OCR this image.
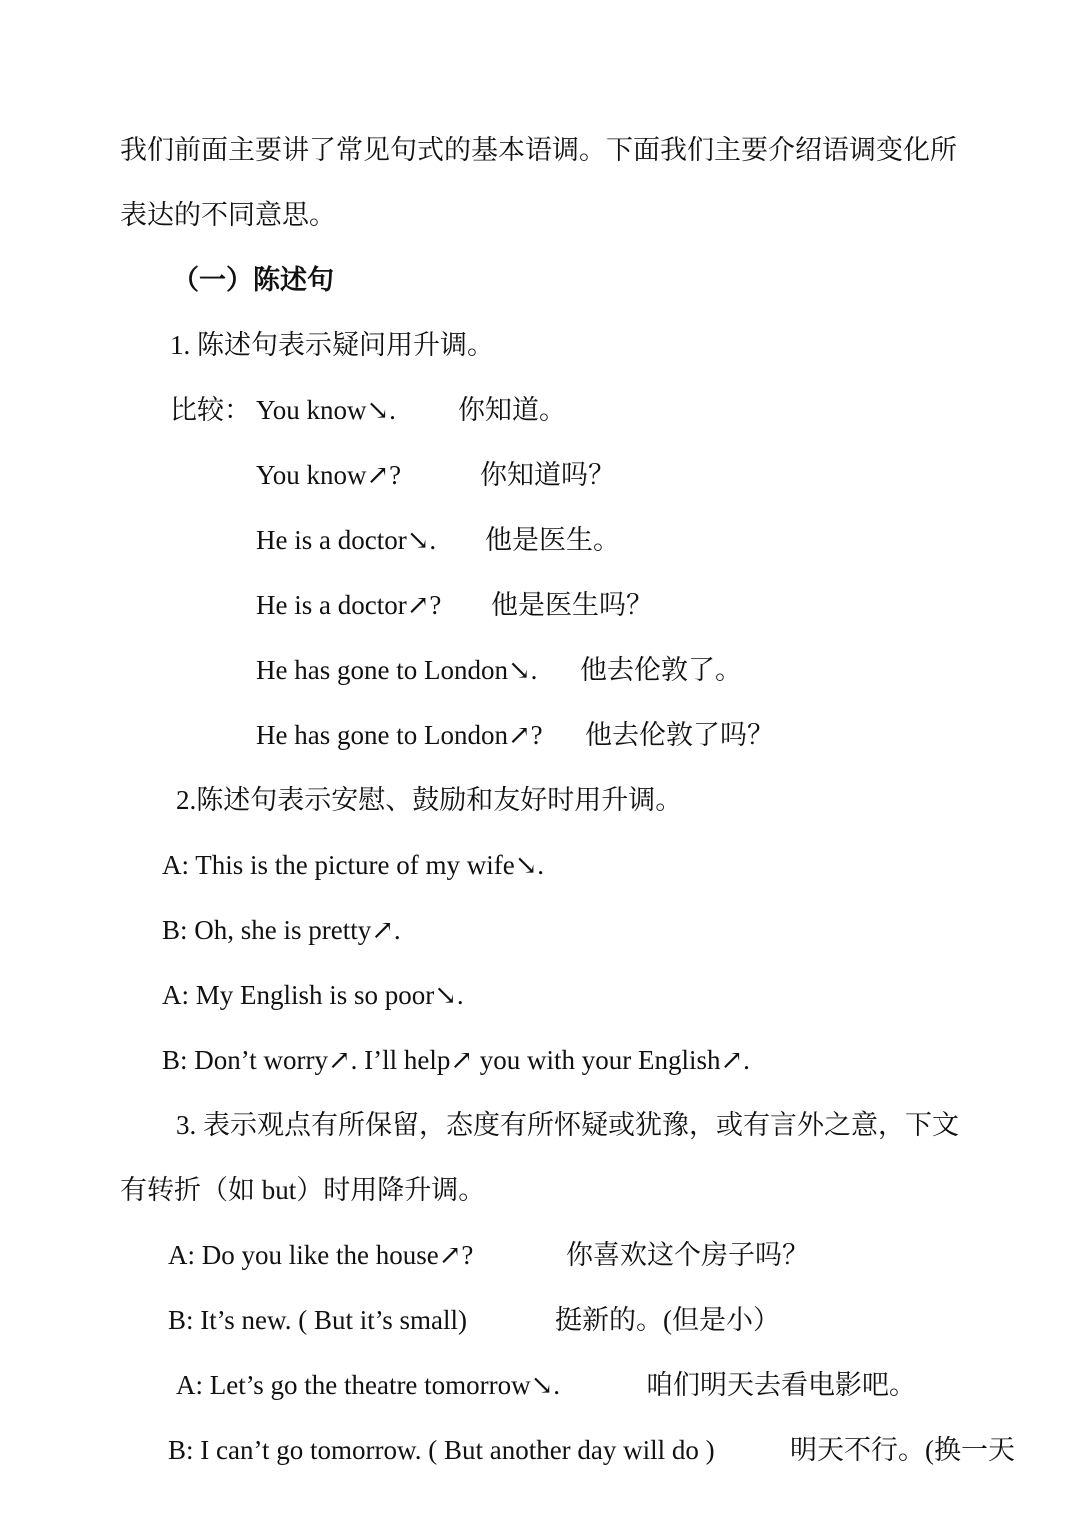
我们前面主要讲了常见句式的基本语调。下面我们主要介绍语调变化所

表达的不同意思。

（一）陈述句

1. 陈述句表示疑问用升调。

比较： You know↘. 你知道。

You know↗?	你知道吗？

He is a doctor↘. 他是医生。

He is a doctor↗? 他是医生吗？

He has gone to London↘. 他去伦敦了。

He has gone to London↗? 他去伦敦了吗？

2.陈述句表示安慰、鼓励和友好时用升调。

A: This is the picture of my wife↘.

B: Oh, she is pretty↗.

A: My English is so poor↘.

B: Don’t worry↗. I’ll help↗ you with your English↗.

3. 表示观点有所保留，态度有所怀疑或犹豫，或有言外之意，下文

有转折（如 but）时用降升调。

A: Do you like the house↗?	你喜欢这个房子吗？

B: It’s new. ( But it’s small)	挺新的。(但是小）

A: Let’s go the theatre tomorrow↘.	咱们明天去看电影吧。

B: I can’t go tomorrow. ( But another day will do )	明天不行。(换一天
